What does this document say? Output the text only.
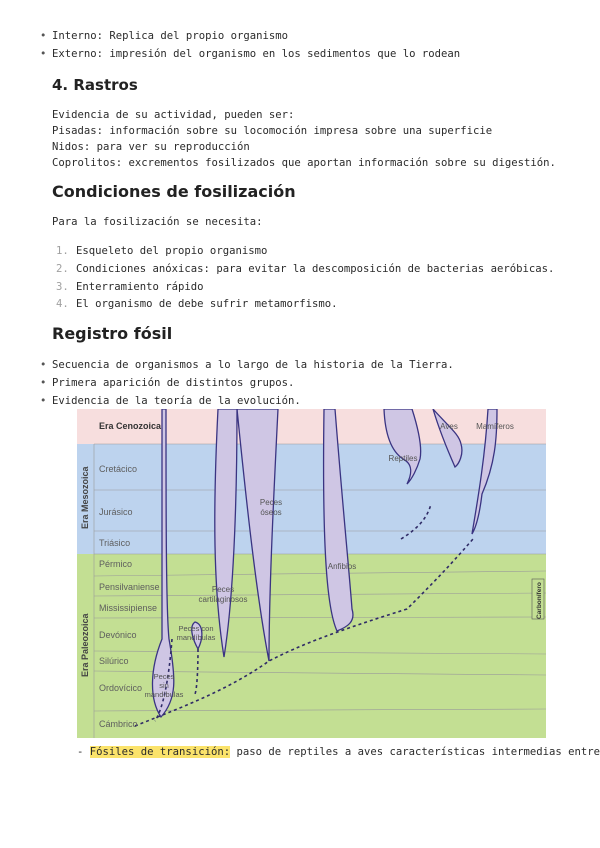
• Interno: Replica del propio organismo
• Externo: impresión del organismo en los sedimentos que lo rodean
4. Rastros
Evidencia de su actividad, pueden ser:
Pisadas: información sobre su locomoción impresa sobre una superficie
Nidos: para ver su reproducción
Coprolitos: excrementos fosilizados que aportan información sobre su digestión.
Condiciones de fosilización
Para la fosilización se necesita:
1. Esqueleto del propio organismo
2. Condiciones anóxicas: para evitar la descomposición de bacterias aeróbicas.
3. Enterramiento rápido
4. El organismo de debe sufrir metamorfismo.
Registro fósil
• Secuencia de organismos a lo largo de la historia de la Tierra.
• Primera aparición de distintos grupos.
• Evidencia de la teoría de la evolución.
Cretácico
Jurásico
Triásico
Pérmico
Pensilvaniense
Mississipiense
Devónico
Silúrico
Ordovícico
Cámbrico
Era Cenozoica
Era Mesozoica
Era Paleozoica
Carbonífero
Peces
óseos
Peces
cartilaginosos
Peces con
mandíbulas
Peces
sin
mandíbulas
Anfibios
Reptiles
Aves Mamíferos
- Fósiles de transición: paso de reptiles a aves características intermedias entre
